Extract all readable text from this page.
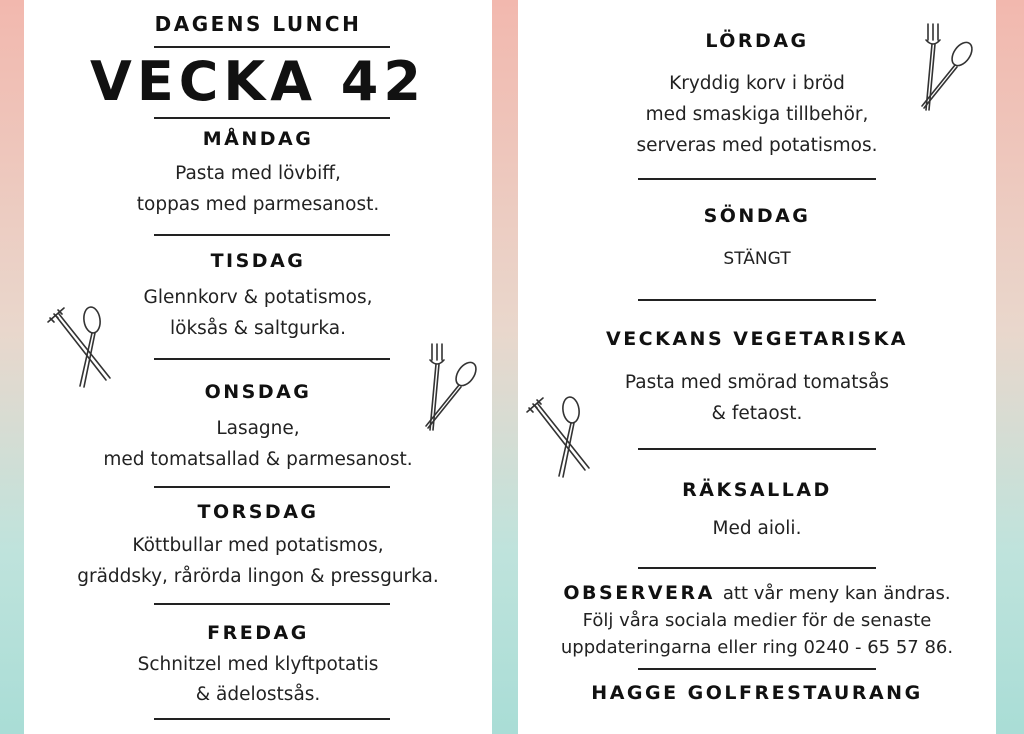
DAGENS LUNCH
VECKA 42
MÅNDAG
Pasta med lövbiff,
toppas med parmesanost.
TISDAG
Glennkorv & potatismos,
löksås & saltgurka.
ONSDAG
Lasagne,
med tomatsallad & parmesanost.
TORSDAG
Köttbullar med potatismos,
gräddsky, rårörda lingon & pressgurka.
FREDAG
Schnitzel med klyftpotatis
& ädelostsås.
LÖRDAG
Kryddig korv i bröd
med smaskiga tillbehör,
serveras med potatismos.
SÖNDAG
STÄNGT
VECKANS VEGETARISKA
Pasta med smörad tomatsås
& fetaost.
RÄKSALLAD
Med aioli.
OBSERVERA att vår meny kan ändras.
Följ våra sociala medier för de senaste
uppdateringarna eller ring 0240 - 65 57 86.
HAGGE GOLFRESTAURANG
